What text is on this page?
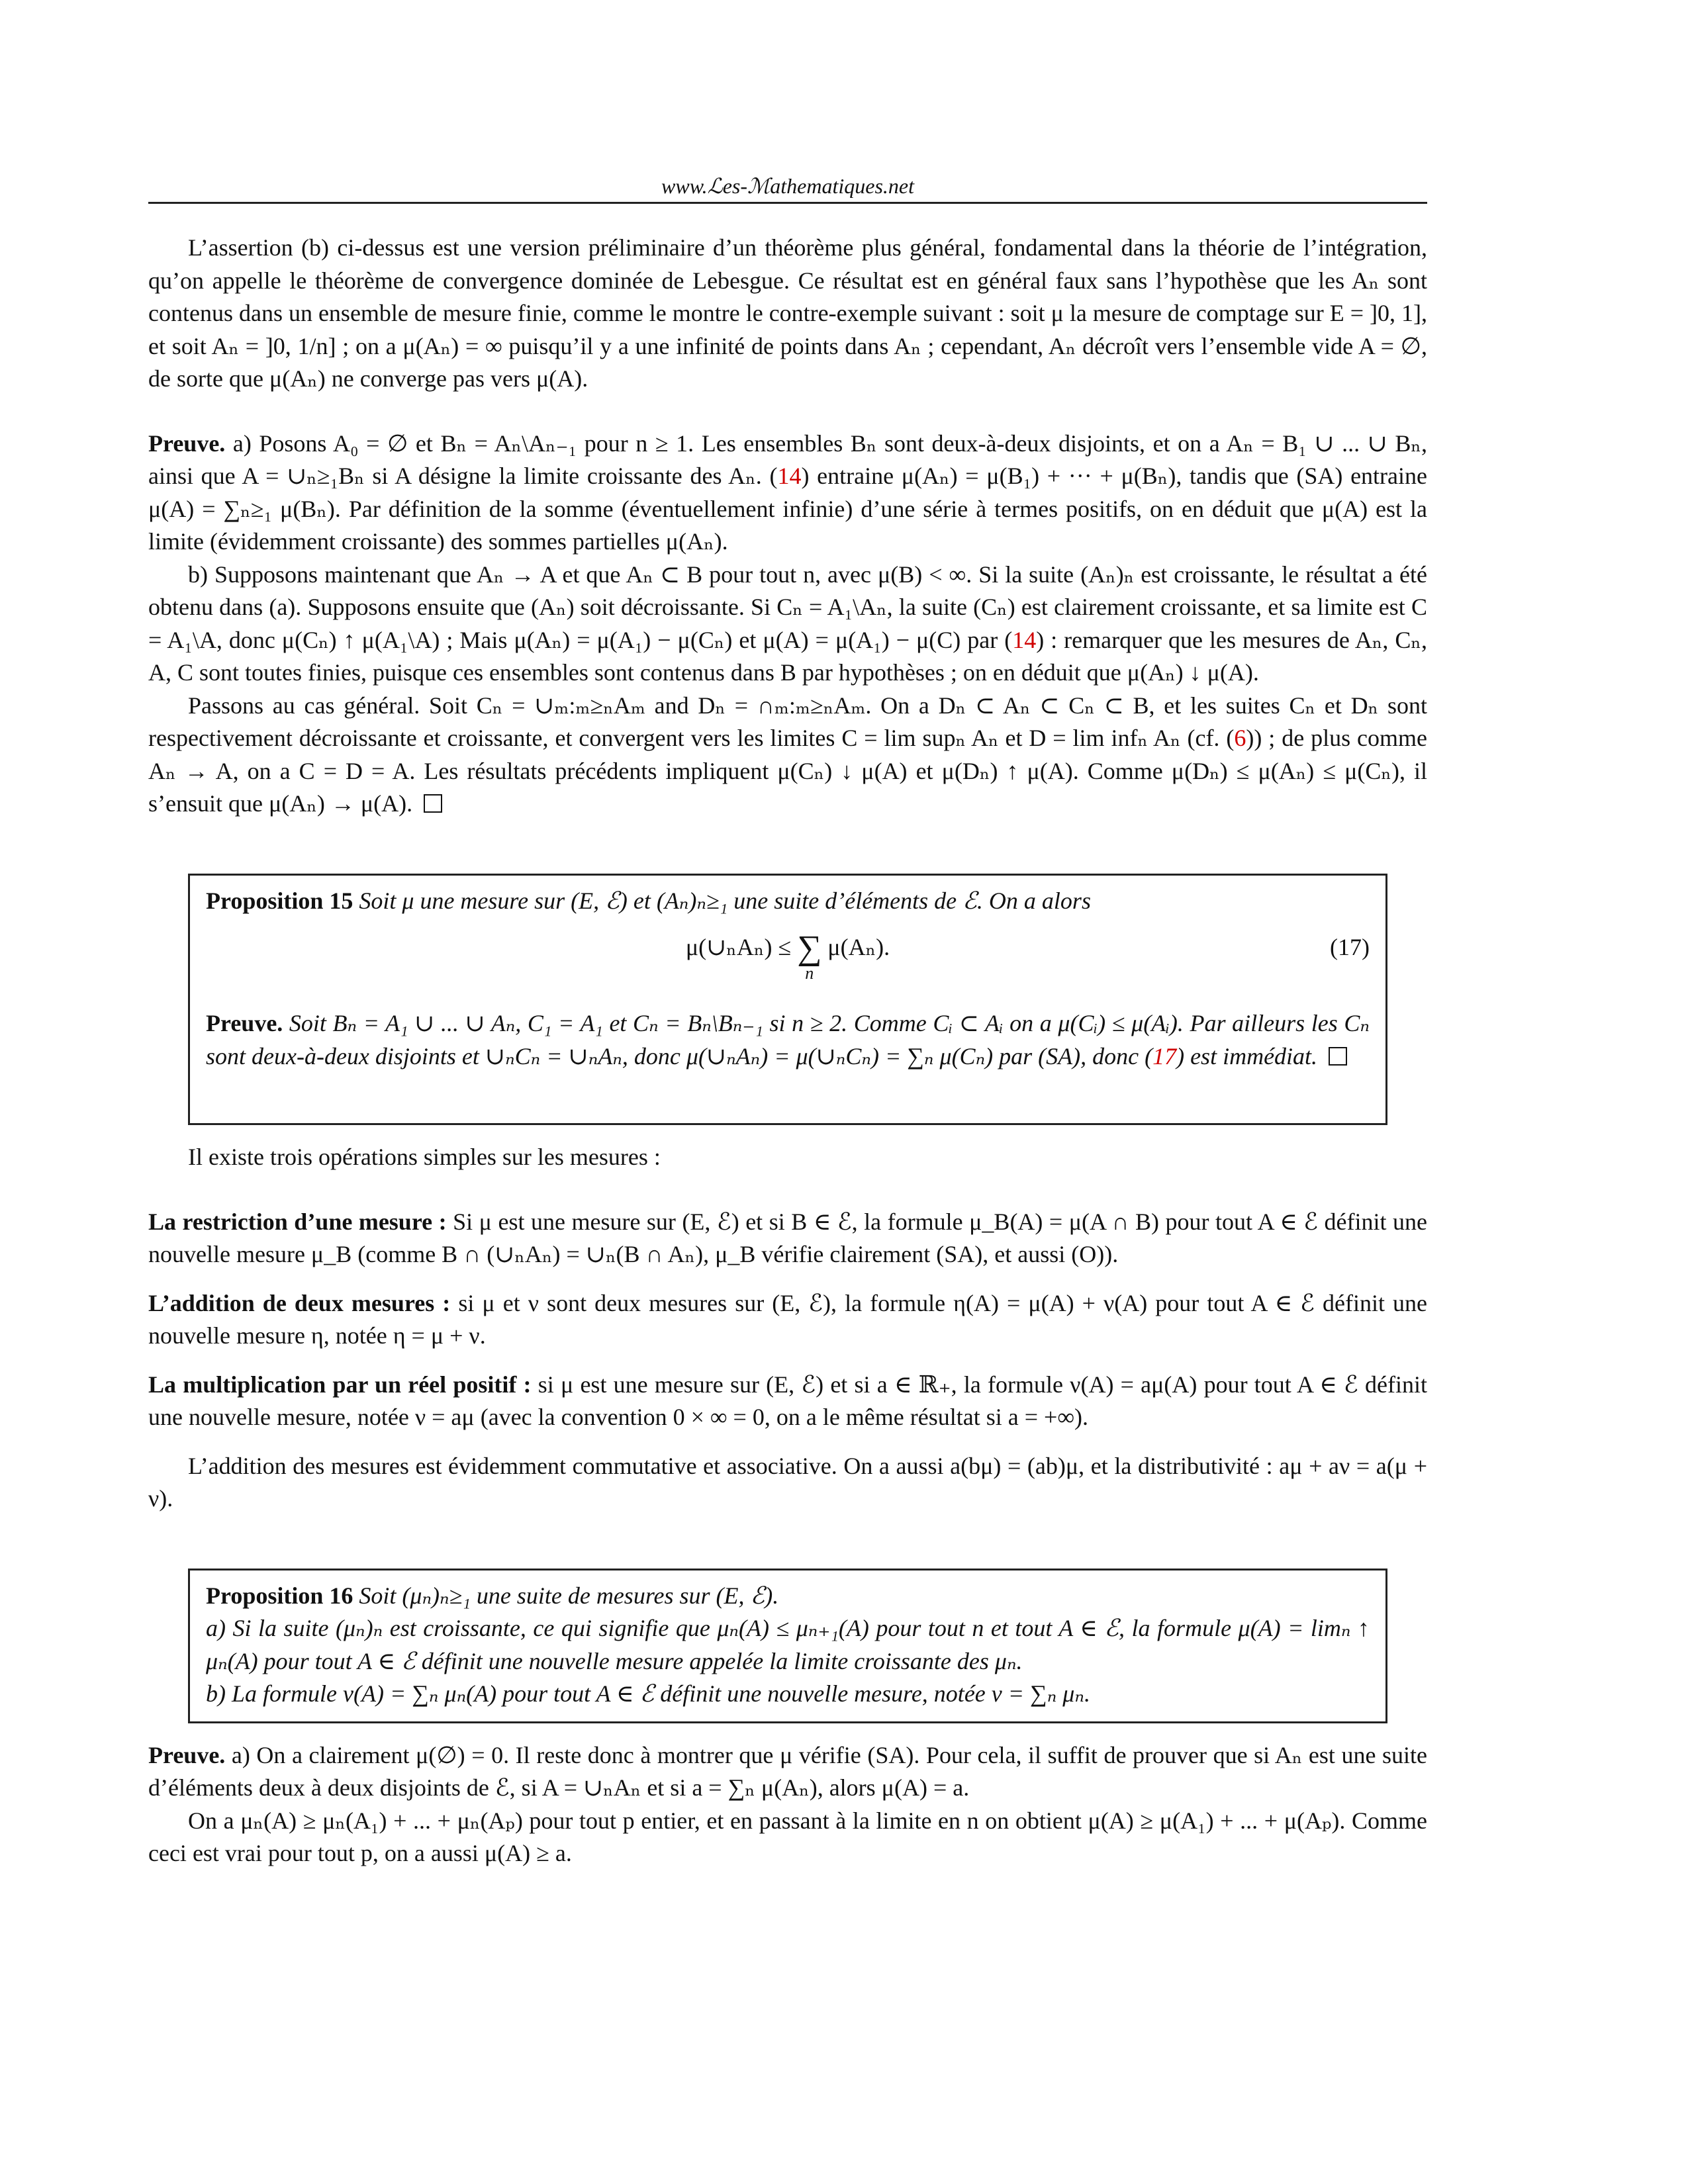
www.ℒes-ℳathematiques.net

L’assertion (b) ci-dessus est une version préliminaire d’un théorème plus général, fondamental dans la théorie de l’intégration, qu’on appelle le théorème de convergence dominée de Lebesgue. Ce résultat est en général faux sans l’hypothèse que les Aₙ sont contenus dans un ensemble de mesure finie, comme le montre le contre-exemple suivant : soit μ la mesure de comptage sur E = ]0, 1], et soit Aₙ = ]0, 1/n] ; on a μ(Aₙ) = ∞ puisqu’il y a une infinité de points dans Aₙ ; cependant, Aₙ décroît vers l’ensemble vide A = ∅, de sorte que μ(Aₙ) ne converge pas vers μ(A).

Preuve. a) Posons A₀ = ∅ et Bₙ = Aₙ\Aₙ₋₁ pour n ≥ 1. Les ensembles Bₙ sont deux-à-deux disjoints, et on a Aₙ = B₁ ∪ ... ∪ Bₙ, ainsi que A = ∪ₙ≥₁Bₙ si A désigne la limite croissante des Aₙ. (14) entraine μ(Aₙ) = μ(B₁) + ··· + μ(Bₙ), tandis que (SA) entraine μ(A) = ∑ₙ≥₁ μ(Bₙ). Par définition de la somme (éventuellement infinie) d’une série à termes positifs, on en déduit que μ(A) est la limite (évidemment croissante) des sommes partielles μ(Aₙ).

b) Supposons maintenant que Aₙ → A et que Aₙ ⊂ B pour tout n, avec μ(B) < ∞. Si la suite (Aₙ)ₙ est croissante, le résultat a été obtenu dans (a). Supposons ensuite que (Aₙ) soit décroissante. Si Cₙ = A₁\Aₙ, la suite (Cₙ) est clairement croissante, et sa limite est C = A₁\A, donc μ(Cₙ) ↑ μ(A₁\A) ; Mais μ(Aₙ) = μ(A₁) − μ(Cₙ) et μ(A) = μ(A₁) − μ(C) par (14) : remarquer que les mesures de Aₙ, Cₙ, A, C sont toutes finies, puisque ces ensembles sont contenus dans B par hypothèses ; on en déduit que μ(Aₙ) ↓ μ(A).

Passons au cas général. Soit Cₙ = ∪ₘ:ₘ≥ₙAₘ and Dₙ = ∩ₘ:ₘ≥ₙAₘ. On a Dₙ ⊂ Aₙ ⊂ Cₙ ⊂ B, et les suites Cₙ et Dₙ sont respectivement décroissante et croissante, et convergent vers les limites C = lim supₙ Aₙ et D = lim infₙ Aₙ (cf. (6)) ; de plus comme Aₙ → A, on a C = D = A. Les résultats précédents impliquent μ(Cₙ) ↓ μ(A) et μ(Dₙ) ↑ μ(A). Comme μ(Dₙ) ≤ μ(Aₙ) ≤ μ(Cₙ), il s’ensuit que μ(Aₙ) → μ(A).

Proposition 15 Soit μ une mesure sur (E, ℰ) et (Aₙ)ₙ≥₁ une suite d’éléments de ℰ. On a alors

μ(∪ₙAₙ) ≤ ∑
n
μ(Aₙ).	(17)

Preuve. Soit Bₙ = A₁ ∪ ... ∪ Aₙ, C₁ = A₁ et Cₙ = Bₙ\Bₙ₋₁ si n ≥ 2. Comme Cᵢ ⊂ Aᵢ on a μ(Cᵢ) ≤ μ(Aᵢ). Par ailleurs les Cₙ sont deux-à-deux disjoints et ∪ₙCₙ = ∪ₙAₙ, donc μ(∪ₙAₙ) = μ(∪ₙCₙ) = ∑ₙ μ(Cₙ) par (SA), donc (17) est immédiat.

Il existe trois opérations simples sur les mesures :

La restriction d’une mesure : Si μ est une mesure sur (E, ℰ) et si B ∈ ℰ, la formule μ_B(A) = μ(A ∩ B) pour tout A ∈ ℰ définit une nouvelle mesure μ_B (comme B ∩ (∪ₙAₙ) = ∪ₙ(B ∩ Aₙ), μ_B vérifie clairement (SA), et aussi (O)).

L’addition de deux mesures : si μ et ν sont deux mesures sur (E, ℰ), la formule η(A) = μ(A) + ν(A) pour tout A ∈ ℰ définit une nouvelle mesure η, notée η = μ + ν.

La multiplication par un réel positif : si μ est une mesure sur (E, ℰ) et si a ∈ ℝ₊, la formule ν(A) = aμ(A) pour tout A ∈ ℰ définit une nouvelle mesure, notée ν = aμ (avec la convention 0 × ∞ = 0, on a le même résultat si a = +∞).

L’addition des mesures est évidemment commutative et associative. On a aussi a(bμ) = (ab)μ, et la distributivité : aμ + aν = a(μ + ν).

Proposition 16 Soit (μₙ)ₙ≥₁ une suite de mesures sur (E, ℰ).

a) Si la suite (μₙ)ₙ est croissante, ce qui signifie que μₙ(A) ≤ μₙ₊₁(A) pour tout n et tout A ∈ ℰ, la formule μ(A) = limₙ ↑ μₙ(A) pour tout A ∈ ℰ définit une nouvelle mesure appelée la limite croissante des μₙ.

b) La formule ν(A) = ∑ₙ μₙ(A) pour tout A ∈ ℰ définit une nouvelle mesure, notée ν = ∑ₙ μₙ.

Preuve. a) On a clairement μ(∅) = 0. Il reste donc à montrer que μ vérifie (SA). Pour cela, il suffit de prouver que si Aₙ est une suite d’éléments deux à deux disjoints de ℰ, si A = ∪ₙAₙ et si a = ∑ₙ μ(Aₙ), alors μ(A) = a.

On a μₙ(A) ≥ μₙ(A₁) + ... + μₙ(Aₚ) pour tout p entier, et en passant à la limite en n on obtient μ(A) ≥ μ(A₁) + ... + μ(Aₚ). Comme ceci est vrai pour tout p, on a aussi μ(A) ≥ a.
